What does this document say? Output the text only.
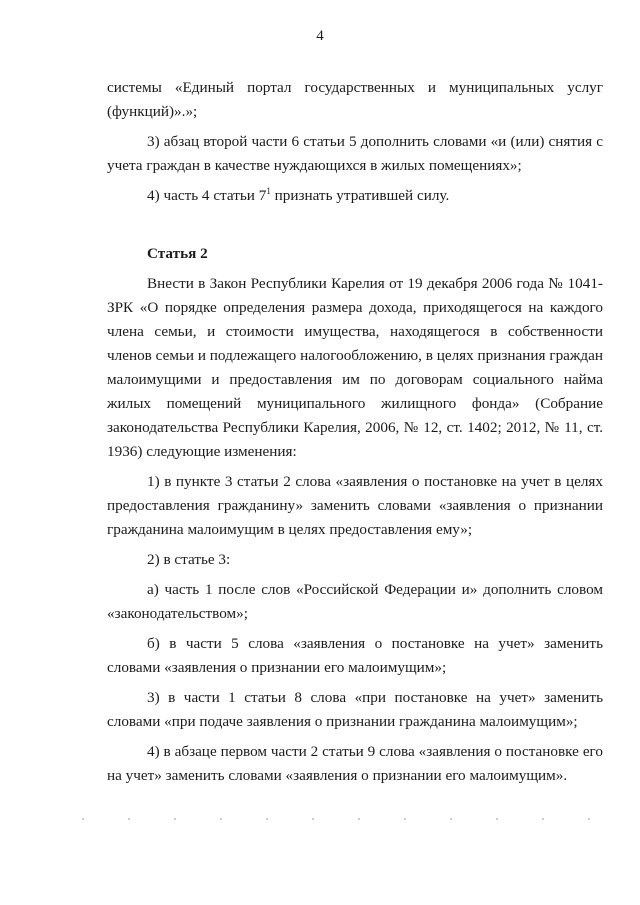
4

системы «Единый портал государственных и муниципальных услуг (функций)».»;

3) абзац второй части 6 статьи 5 дополнить словами «и (или) снятия с учета граждан в качестве нуждающихся в жилых помещениях»;

4) часть 4 статьи $7^1$ признать утратившей силу.

Статья 2

Внести в Закон Республики Карелия от 19 декабря 2006 года № 1041-ЗРК «О порядке определения размера дохода, приходящегося на каждого члена семьи, и стоимости имущества, находящегося в собственности членов семьи и подлежащего налогообложению, в целях признания граждан малоимущими и предоставления им по договорам социального найма жилых помещений муниципального жилищного фонда» (Собрание законодательства Республики Карелия, 2006, № 12, ст. 1402; 2012, № 11, ст. 1936) следующие изменения:

1) в пункте 3 статьи 2 слова «заявления о постановке на учет в целях предоставления гражданину» заменить словами «заявления о признании гражданина малоимущим в целях предоставления ему»;

2) в статье 3:

а) часть 1 после слов «Российской Федерации и» дополнить словом «законодательством»;

б) в части 5 слова «заявления о постановке на учет» заменить словами «заявления о признании его малоимущим»;

3) в части 1 статьи 8 слова «при постановке на учет» заменить словами «при подаче заявления о признании гражданина малоимущим»;

4) в абзаце первом части 2 статьи 9 слова «заявления о постановке его на учет» заменить словами «заявления о признании его малоимущим».
